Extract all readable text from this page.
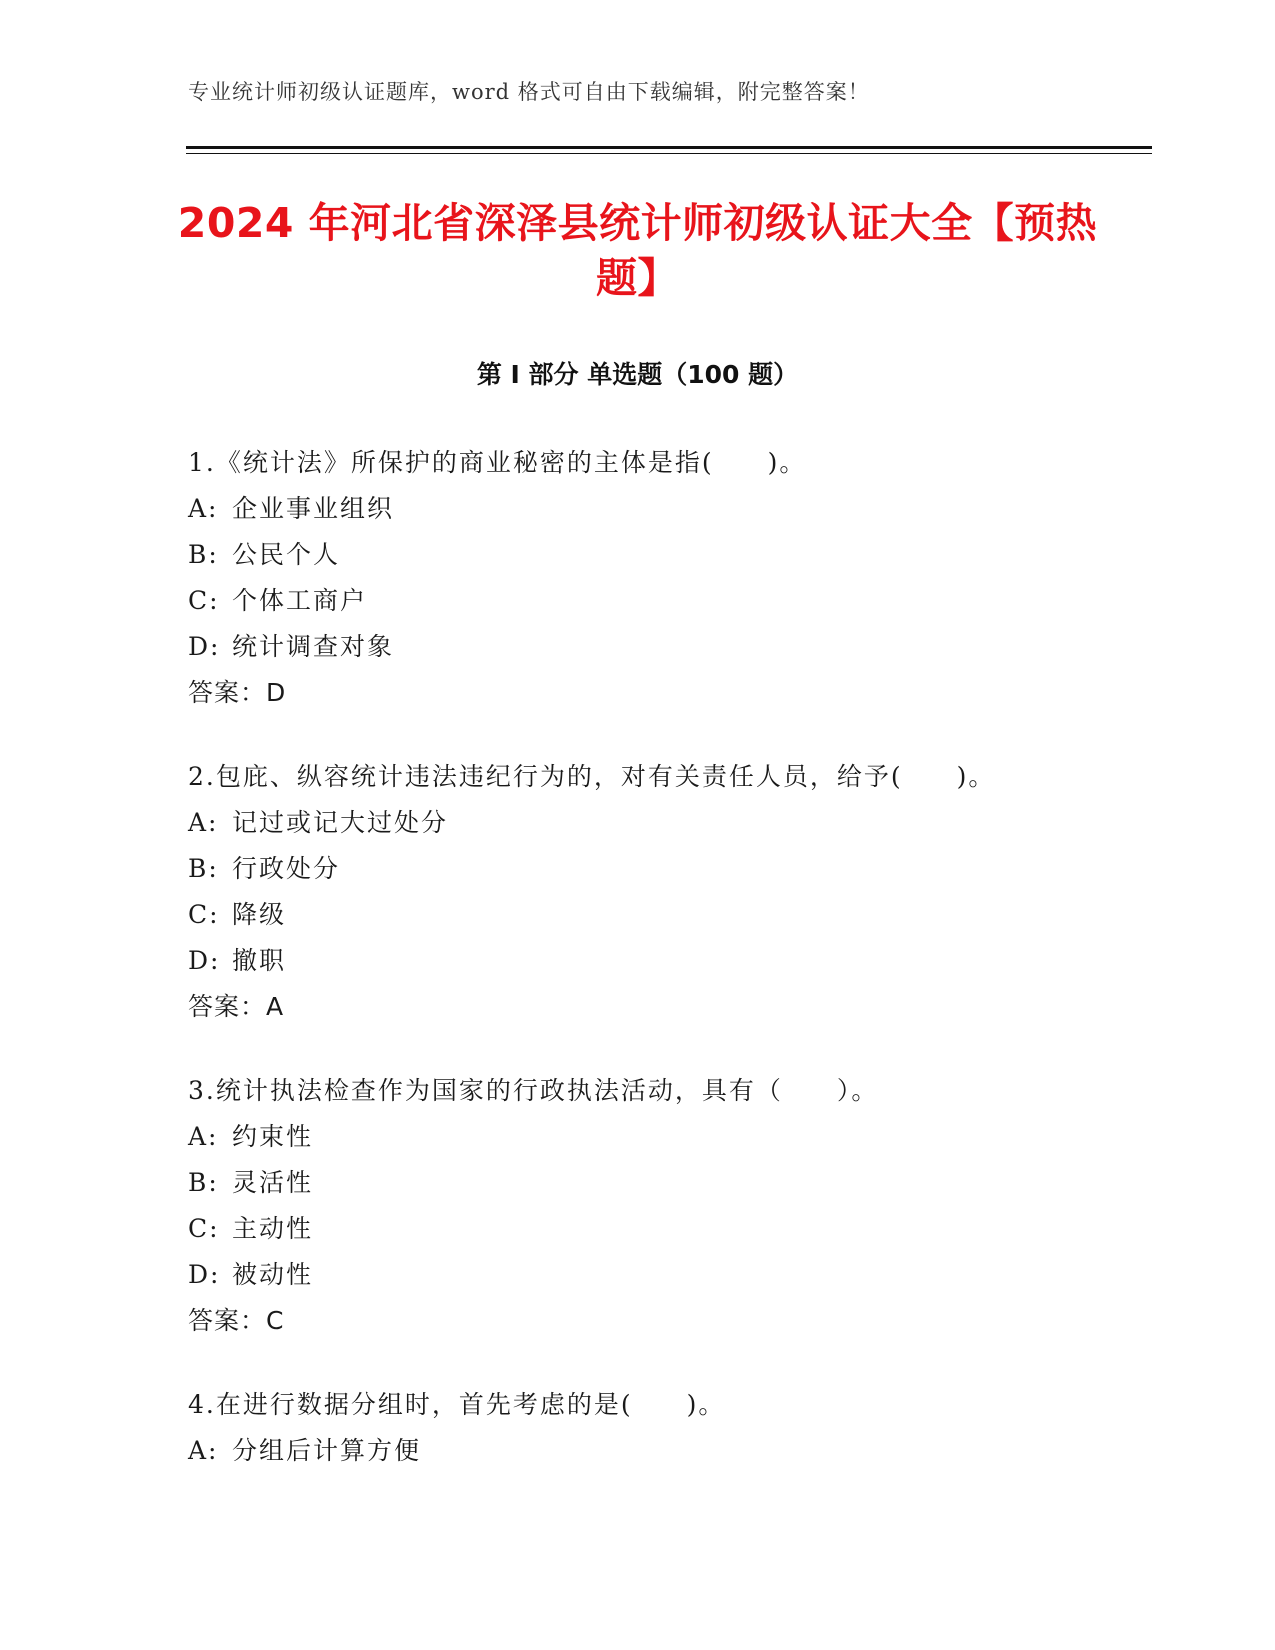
专业统计师初级认证题库，word 格式可自由下载编辑，附完整答案！
2024 年河北省深泽县统计师初级认证大全【预热题】
第 I 部分 单选题（100 题）
1.《统计法》所保护的商业秘密的主体是指(　　)。
A: 企业事业组织
B: 公民个人
C: 个体工商户
D: 统计调查对象
答案：D
2.包庇、纵容统计违法违纪行为的，对有关责任人员，给予(　　)。
A: 记过或记大过处分
B: 行政处分
C: 降级
D: 撤职
答案：A
3.统计执法检查作为国家的行政执法活动，具有（　　）。
A: 约束性
B: 灵活性
C: 主动性
D: 被动性
答案：C
4.在进行数据分组时，首先考虑的是(　　)。
A: 分组后计算方便
